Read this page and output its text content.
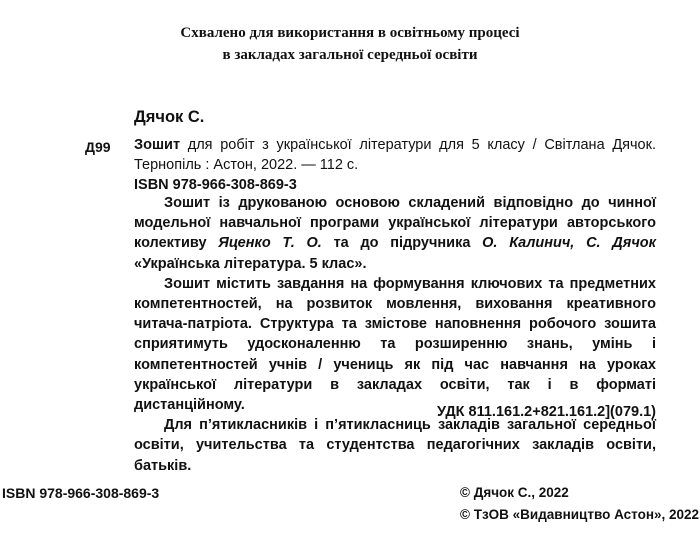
Схвалено для використання в освітньому процесі
в закладах загальної середньої освіти
Дячок С.
Д99 Зошит для робіт з української літератури для 5 класу / Світлана Дячок. Тернопіль : Астон, 2022. — 112 с.
ISBN 978-966-308-869-3

Зошит із друкованою основою складений відповідно до чинної модельної навчальної програми української літератури авторського колективу Яценко Т. О. та до підручника О. Калинич, С. Дячок «Українська література. 5 клас».

Зошит містить завдання на формування ключових та предметних компетентностей, на розвиток мовлення, виховання креативного читача-патріота. Структура та змістове наповнення робочого зошита сприятимуть удосконаленню та розширенню знань, умінь і компетентностей учнів / учениць як під час навчання на уроках української літератури в закладах освіти, так і в форматі дистанційному.

Для п’ятикласників і п’ятикласниць закладів загальної середньої освіти, учительства та студентства педагогічних закладів освіти, батьків.

УДК 811.161.2+821.161.2](079.1)
ISBN 978-966-308-869-3	© Дячок С., 2022
© ТзОВ «Видавництво Астон», 2022
